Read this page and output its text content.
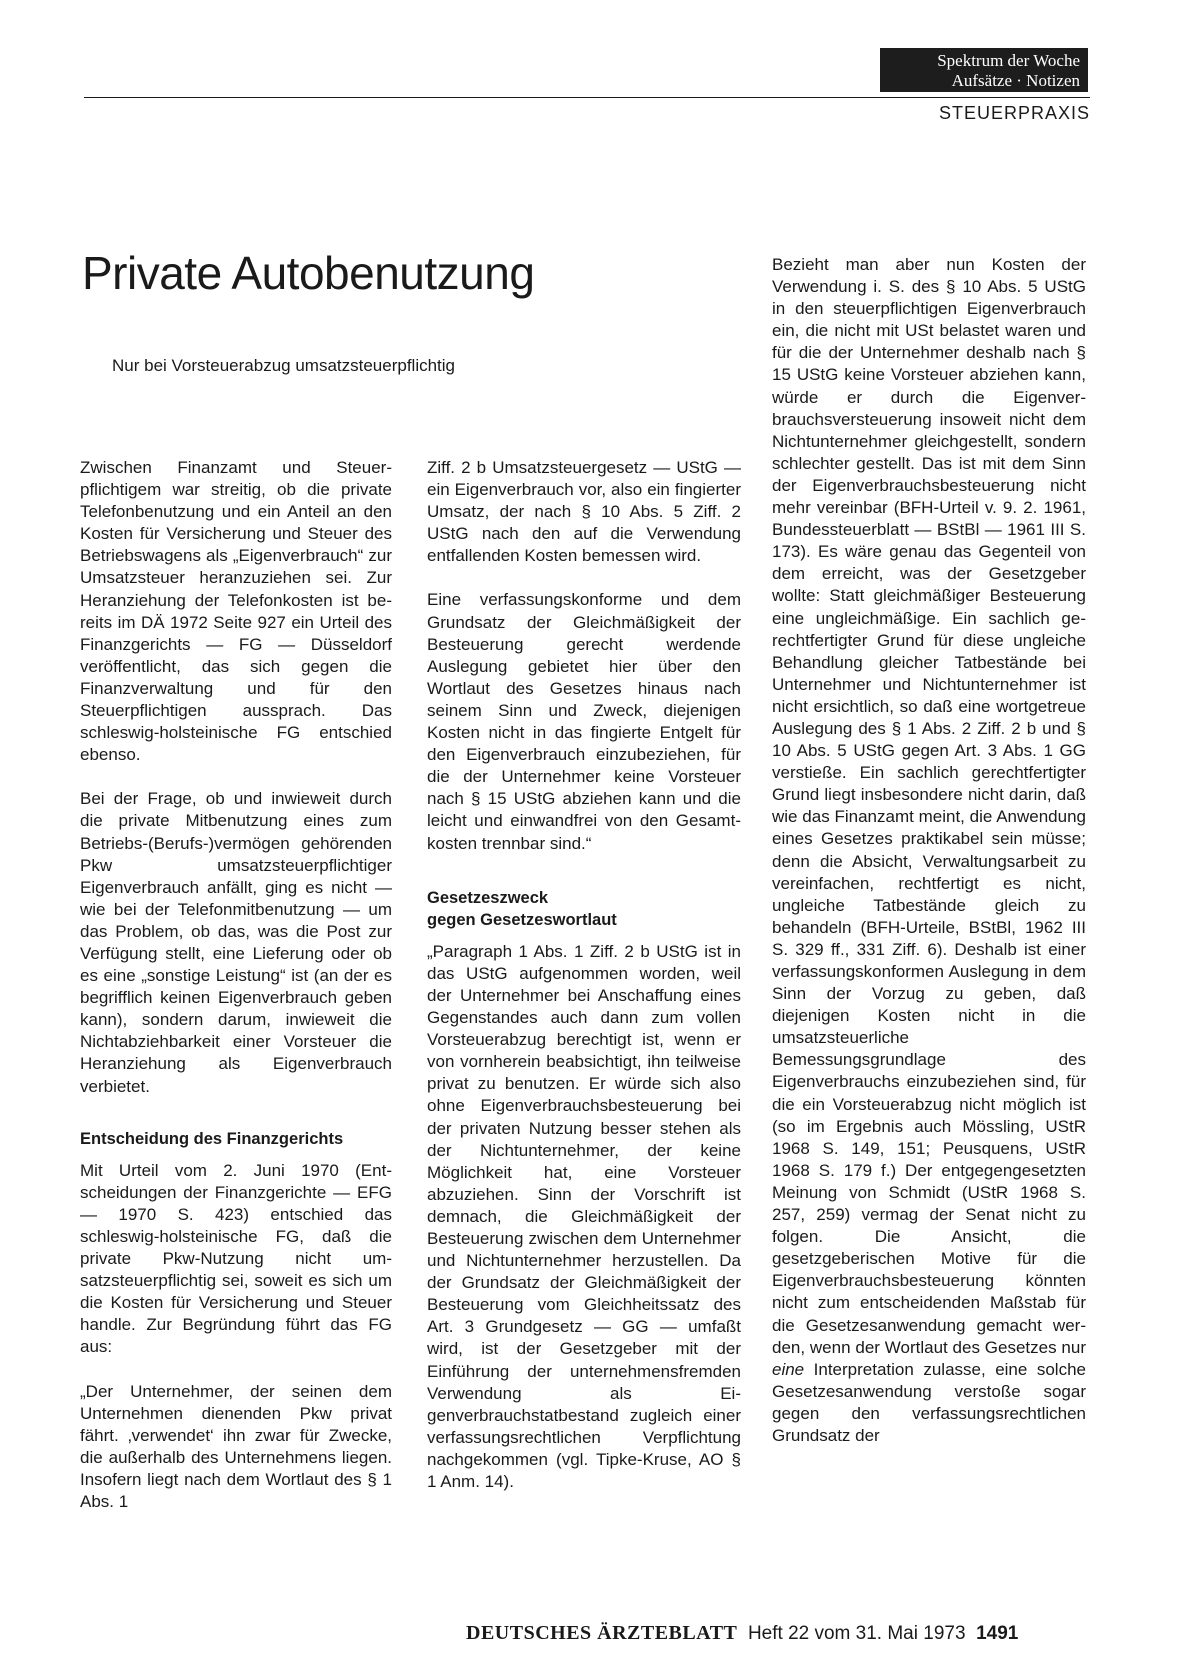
Spektrum der Woche
Aufsätze · Notizen
STEUERPRAXIS
Private Autobenutzung
Nur bei Vorsteuerabzug umsatzsteuerpflichtig

Zwischen Finanzamt und Steuerpflichtigem war streitig, ob die private Telefonbenutzung und ein Anteil an den Kosten für Versicherung und Steuer des Betriebswagens als „Eigenverbrauch“ zur Umsatzsteuer heranzuziehen sei. Zur Heranziehung der Telefonkosten ist bereits im DÄ 1972 Seite 927 ein Urteil des Finanzgerichts — FG — Düsseldorf veröffentlicht, das sich gegen die Finanzverwaltung und für den Steuerpflichtigen aussprach. Das schleswig-holsteinische FG entschied ebenso.

Bei der Frage, ob und inwieweit durch die private Mitbenutzung eines zum Betriebs-(Berufs-)vermögen gehörenden Pkw umsatzsteuerpflichtiger Eigenverbrauch anfällt, ging es nicht — wie bei der Telefonmitbenutzung — um das Problem, ob das, was die Post zur Verfügung stellt, eine Lieferung oder ob es eine „sonstige Leistung“ ist (an der es begrifflich keinen Eigenverbrauch geben kann), sondern darum, inwieweit die Nichtabziehbarkeit einer Vorsteuer die Heranziehung als Eigenverbrauch verbietet.

Entscheidung des Finanzgerichts

Mit Urteil vom 2. Juni 1970 (Entscheidungen der Finanzgerichte — EFG — 1970 S. 423) entschied das schleswig-holsteinische FG, daß die private Pkw-Nutzung nicht umsatzsteuerpflichtig sei, soweit es sich um die Kosten für Versicherung und Steuer handle. Zur Begründung führt das FG aus:

„Der Unternehmer, der seinen dem Unternehmen dienenden Pkw privat fährt. ‚verwendet‘ ihn zwar für Zwecke, die außerhalb des Unternehmens liegen. Insofern liegt nach dem Wortlaut des § 1 Abs. 1

Ziff. 2 b Umsatzsteuergesetz — UStG — ein Eigenverbrauch vor, also ein fingierter Umsatz, der nach § 10 Abs. 5 Ziff. 2 UStG nach den auf die Verwendung entfallenden Kosten bemessen wird.

Eine verfassungskonforme und dem Grundsatz der Gleichmäßigkeit der Besteuerung gerecht werdende Auslegung gebietet hier über den Wortlaut des Gesetzes hinaus nach seinem Sinn und Zweck, diejenigen Kosten nicht in das fingierte Entgelt für den Eigenverbrauch einzubeziehen, für die der Unternehmer keine Vorsteuer nach § 15 UStG abziehen kann und die leicht und einwandfrei von den Gesamtkosten trennbar sind.“

Gesetzeszweck
gegen Gesetzeswortlaut

„Paragraph 1 Abs. 1 Ziff. 2 b UStG ist in das UStG aufgenommen worden, weil der Unternehmer bei Anschaffung eines Gegenstandes auch dann zum vollen Vorsteuerabzug berechtigt ist, wenn er von vornherein beabsichtigt, ihn teilweise privat zu benutzen. Er würde sich also ohne Eigenverbrauchsbesteuerung bei der privaten Nutzung besser stehen als der Nichtunternehmer, der keine Möglichkeit hat, eine Vorsteuer abzuziehen. Sinn der Vorschrift ist demnach, die Gleichmäßigkeit der Besteuerung zwischen dem Unternehmer und Nichtunternehmer herzustellen. Da der Grundsatz der Gleichmäßigkeit der Besteuerung vom Gleichheitssatz des Art. 3 Grundgesetz — GG — umfaßt wird, ist der Gesetzgeber mit der Einführung der unternehmensfremden Verwendung als Eigenverbrauchstatbestand zugleich einer verfassungsrechtlichen Verpflichtung nachgekommen (vgl. Tipke-Kruse, AO § 1 Anm. 14).

Bezieht man aber nun Kosten der Verwendung i. S. des § 10 Abs. 5 UStG in den steuerpflichtigen Eigenverbrauch ein, die nicht mit USt belastet waren und für die der Unternehmer deshalb nach § 15 UStG keine Vorsteuer abziehen kann, würde er durch die Eigenverbrauchsversteuerung insoweit nicht dem Nichtunternehmer gleichgestellt, sondern schlechter gestellt. Das ist mit dem Sinn der Eigenverbrauchsbesteuerung nicht mehr vereinbar (BFH-Urteil v. 9. 2. 1961, Bundessteuerblatt — BStBl — 1961 III S. 173). Es wäre genau das Gegenteil von dem erreicht, was der Gesetzgeber wollte: Statt gleichmäßiger Besteuerung eine ungleichmäßige. Ein sachlich gerechtfertigter Grund für diese ungleiche Behandlung gleicher Tatbestände bei Unternehmer und Nichtunternehmer ist nicht ersichtlich, so daß eine wortgetreue Auslegung des § 1 Abs. 2 Ziff. 2 b und § 10 Abs. 5 UStG gegen Art. 3 Abs. 1 GG verstieße. Ein sachlich gerechtfertigter Grund liegt insbesondere nicht darin, daß wie das Finanzamt meint, die Anwendung eines Gesetzes praktikabel sein müsse; denn die Absicht, Verwaltungsarbeit zu vereinfachen, rechtfertigt es nicht, ungleiche Tatbestände gleich zu behandeln (BFH-Urteile, BStBl, 1962 III S. 329 ff., 331 Ziff. 6). Deshalb ist einer verfassungskonformen Auslegung in dem Sinn der Vorzug zu geben, daß diejenigen Kosten nicht in die umsatzsteuerliche Bemessungsgrundlage des Eigenverbrauchs einzubeziehen sind, für die ein Vorsteuerabzug nicht möglich ist (so im Ergebnis auch Mössling, UStR 1968 S. 149, 151; Peusquens, UStR 1968 S. 179 f.) Der entgegengesetzten Meinung von Schmidt (UStR 1968 S. 257, 259) vermag der Senat nicht zu folgen. Die Ansicht, die gesetzgeberischen Motive für die Eigenverbrauchsbesteuerung könnten nicht zum entscheidenden Maßstab für die Gesetzesanwendung gemacht werden, wenn der Wortlaut des Gesetzes nur eine Interpretation zulasse, eine solche Gesetzesanwendung verstoße sogar gegen den verfassungsrechtlichen Grundsatz der

DEUTSCHES ÄRZTEBLATT Heft 22 vom 31. Mai 1973 1491
